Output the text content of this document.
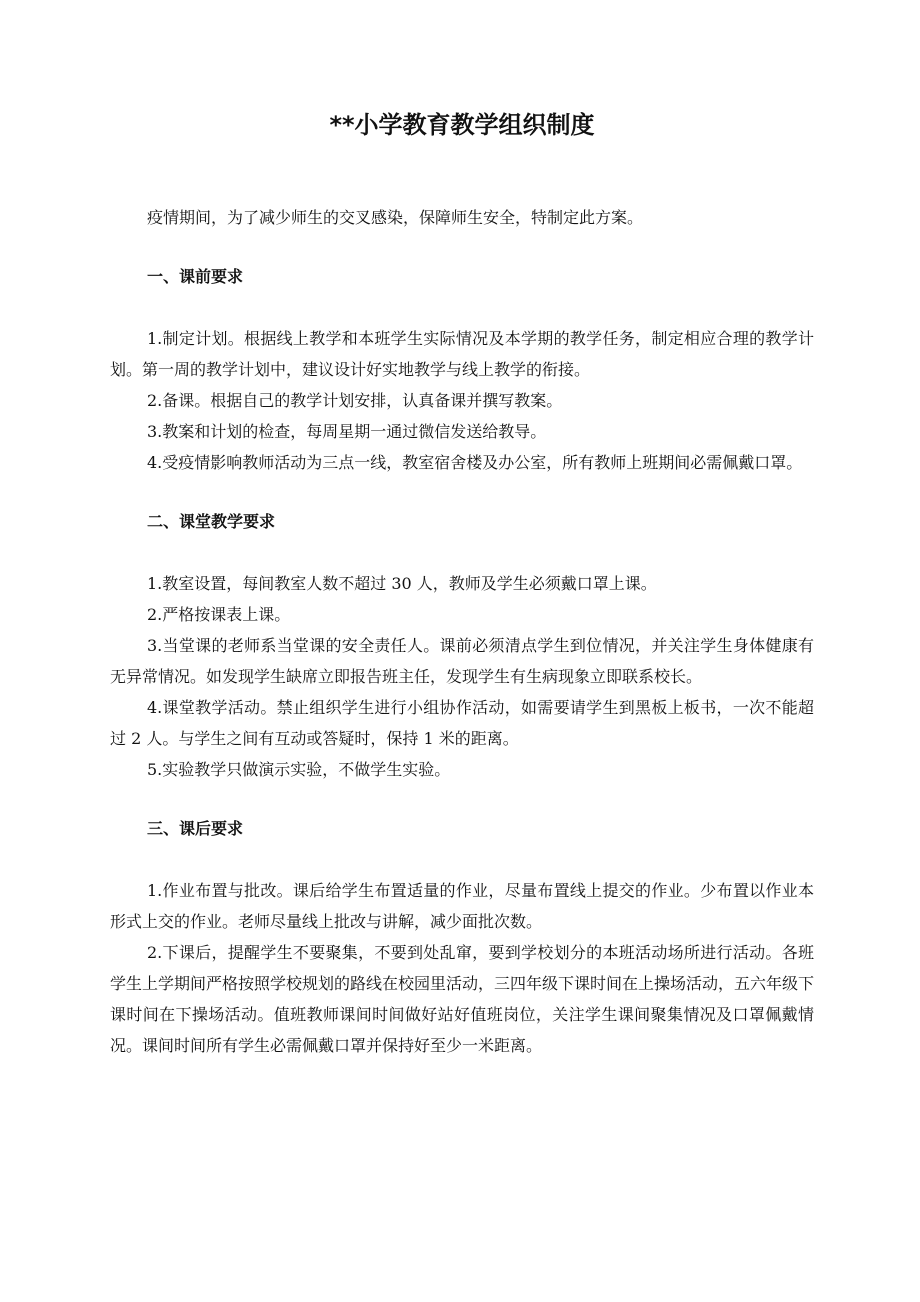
**小学教育教学组织制度

疫情期间，为了减少师生的交叉感染，保障师生安全，特制定此方案。

一、课前要求

1.制定计划。根据线上教学和本班学生实际情况及本学期的教学任务，制定相应合理的教学计划。第一周的教学计划中，建议设计好实地教学与线上教学的衔接。

2.备课。根据自己的教学计划安排，认真备课并撰写教案。

3.教案和计划的检查，每周星期一通过微信发送给教导。

4.受疫情影响教师活动为三点一线，教室宿舍楼及办公室，所有教师上班期间必需佩戴口罩。

二、课堂教学要求

1.教室设置，每间教室人数不超过 30 人，教师及学生必须戴口罩上课。

2.严格按课表上课。

3.当堂课的老师系当堂课的安全责任人。课前必须清点学生到位情况，并关注学生身体健康有无异常情况。如发现学生缺席立即报告班主任，发现学生有生病现象立即联系校长。

4.课堂教学活动。禁止组织学生进行小组协作活动，如需要请学生到黑板上板书，一次不能超过 2 人。与学生之间有互动或答疑时，保持 1 米的距离。

5.实验教学只做演示实验，不做学生实验。

三、课后要求

1.作业布置与批改。课后给学生布置适量的作业，尽量布置线上提交的作业。少布置以作业本形式上交的作业。老师尽量线上批改与讲解，减少面批次数。

2.下课后，提醒学生不要聚集，不要到处乱窜，要到学校划分的本班活动场所进行活动。各班学生上学期间严格按照学校规划的路线在校园里活动，三四年级下课时间在上操场活动，五六年级下课时间在下操场活动。值班教师课间时间做好站好值班岗位，关注学生课间聚集情况及口罩佩戴情况。课间时间所有学生必需佩戴口罩并保持好至少一米距离。
